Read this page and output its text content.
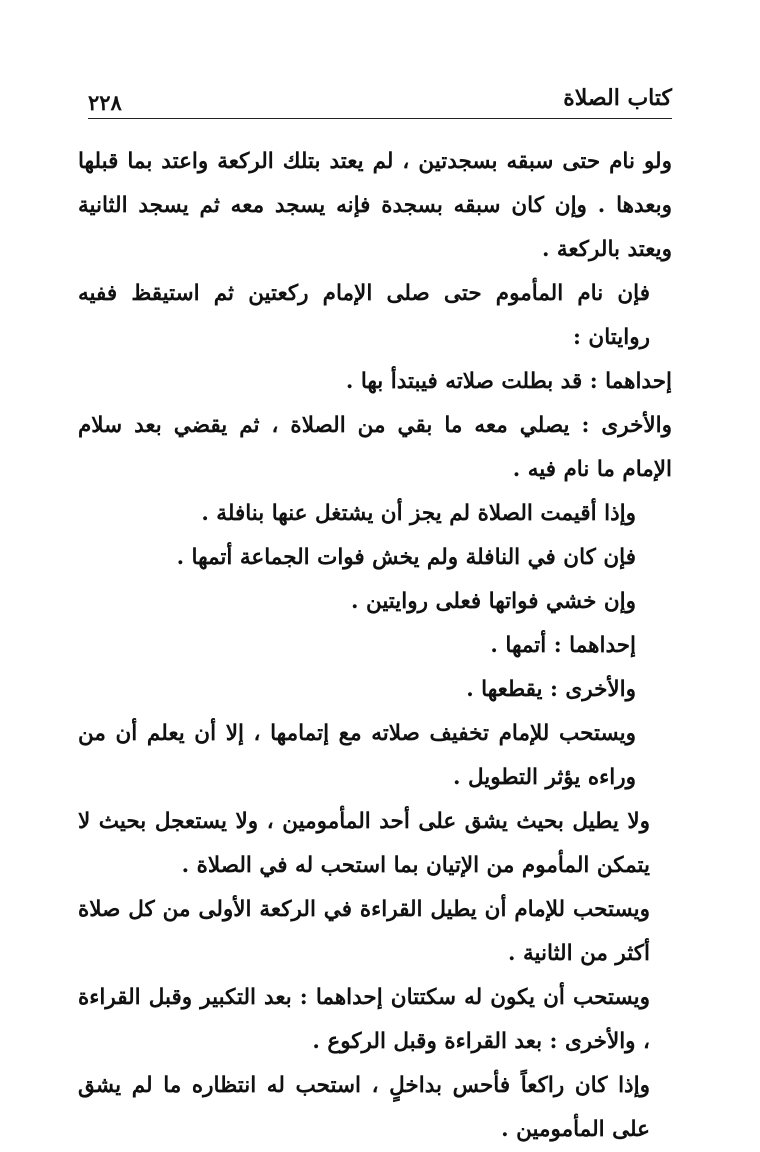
٢٢٨	كتاب الصلاة

ولو نام حتى سبقه بسجدتين ، لم يعتد بتلك الركعة واعتد بما قبلها وبعدها . وإن كان سبقه بسجدة فإنه يسجد معه ثم يسجد الثانية ويعتد بالركعة .

فإن نام المأموم حتى صلى الإمام ركعتين ثم استيقظ ففيه روايتان :

إحداهما : قد بطلت صلاته فيبتدأ بها .

والأخرى : يصلي معه ما بقي من الصلاة ، ثم يقضي بعد سلام الإمام ما نام فيه .

وإذا أقيمت الصلاة لم يجز أن يشتغل عنها بنافلة .

فإن كان في النافلة ولم يخش فوات الجماعة أتمها .

وإن خشي فواتها فعلى روايتين .

إحداهما : أتمها .

والأخرى : يقطعها .

ويستحب للإمام تخفيف صلاته مع إتمامها ، إلا أن يعلم أن من وراءه يؤثر التطويل .

ولا يطيل بحيث يشق على أحد المأمومين ، ولا يستعجل بحيث لا يتمكن المأموم من الإتيان بما استحب له في الصلاة .

ويستحب للإمام أن يطيل القراءة في الركعة الأولى من كل صلاة أكثر من الثانية .

ويستحب أن يكون له سكتتان إحداهما : بعد التكبير وقبل القراءة ، والأخرى : بعد القراءة وقبل الركوع .

وإذا كان راكعاً فأحس بداخلٍ ، استحب له انتظاره ما لم يشق على المأمومين .
